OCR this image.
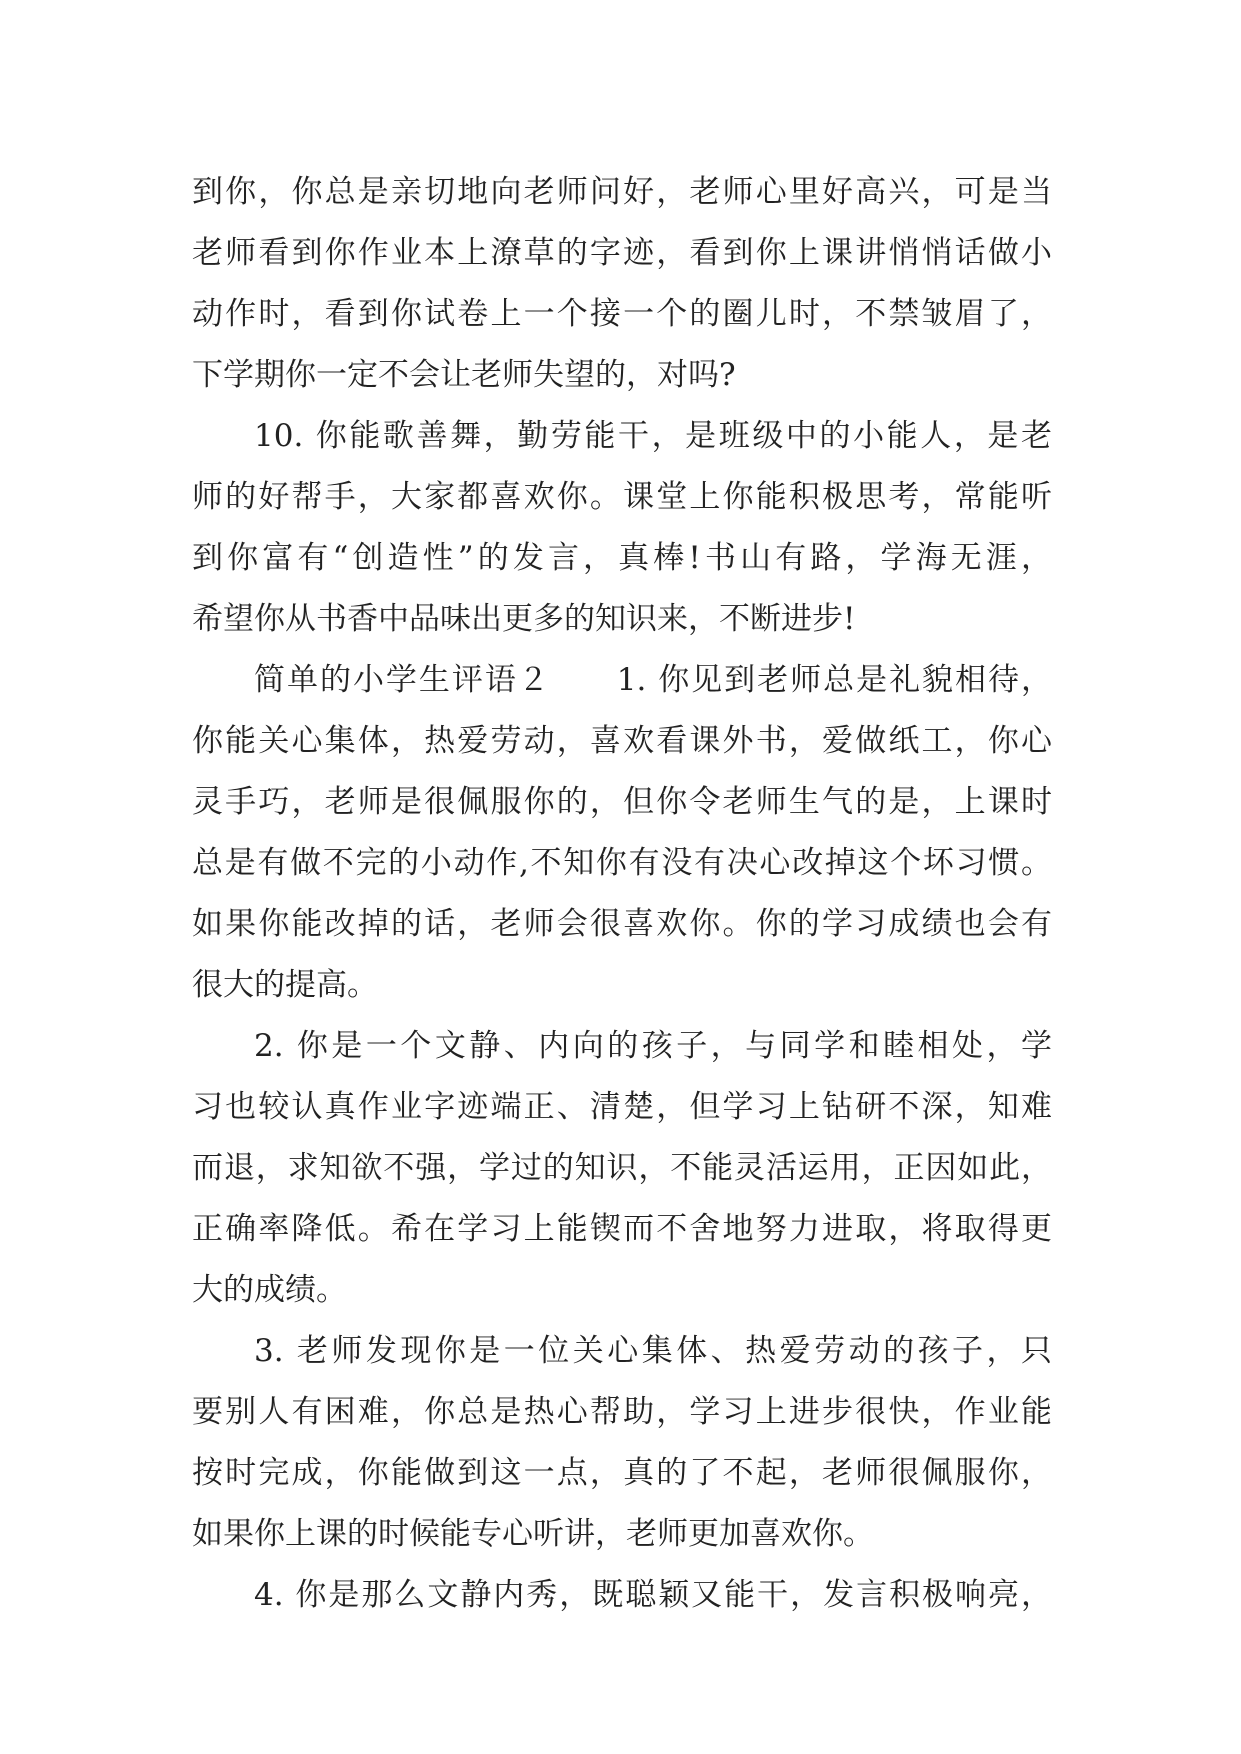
到你，你总是亲切地向老师问好，老师心里好高兴，可是当
老师看到你作业本上潦草的字迹，看到你上课讲悄悄话做小
动作时，看到你试卷上一个接一个的圈儿时，不禁皱眉了，
下学期你一定不会让老师失望的，对吗?
10. 你能歌善舞，勤劳能干，是班级中的小能人，是老
师的好帮手，大家都喜欢你。课堂上你能积极思考，常能听
到你富有“创造性”的发言，真棒!书山有路，学海无涯，
希望你从书香中品味出更多的知识来，不断进步!
简单的小学生评语２　　1. 你见到老师总是礼貌相待，
你能关心集体，热爱劳动，喜欢看课外书，爱做纸工，你心
灵手巧，老师是很佩服你的，但你令老师生气的是，上课时
总是有做不完的小动作,不知你有没有决心改掉这个坏习惯。
如果你能改掉的话，老师会很喜欢你。你的学习成绩也会有
很大的提高。
2. 你是一个文静、内向的孩子，与同学和睦相处，学
习也较认真作业字迹端正、清楚，但学习上钻研不深，知难
而退，求知欲不强，学过的知识，不能灵活运用，正因如此，
正确率降低。希在学习上能锲而不舍地努力进取，将取得更
大的成绩。
3. 老师发现你是一位关心集体、热爱劳动的孩子，只
要别人有困难，你总是热心帮助，学习上进步很快，作业能
按时完成，你能做到这一点，真的了不起，老师很佩服你，
如果你上课的时候能专心听讲，老师更加喜欢你。
4. 你是那么文静内秀，既聪颖又能干，发言积极响亮，
